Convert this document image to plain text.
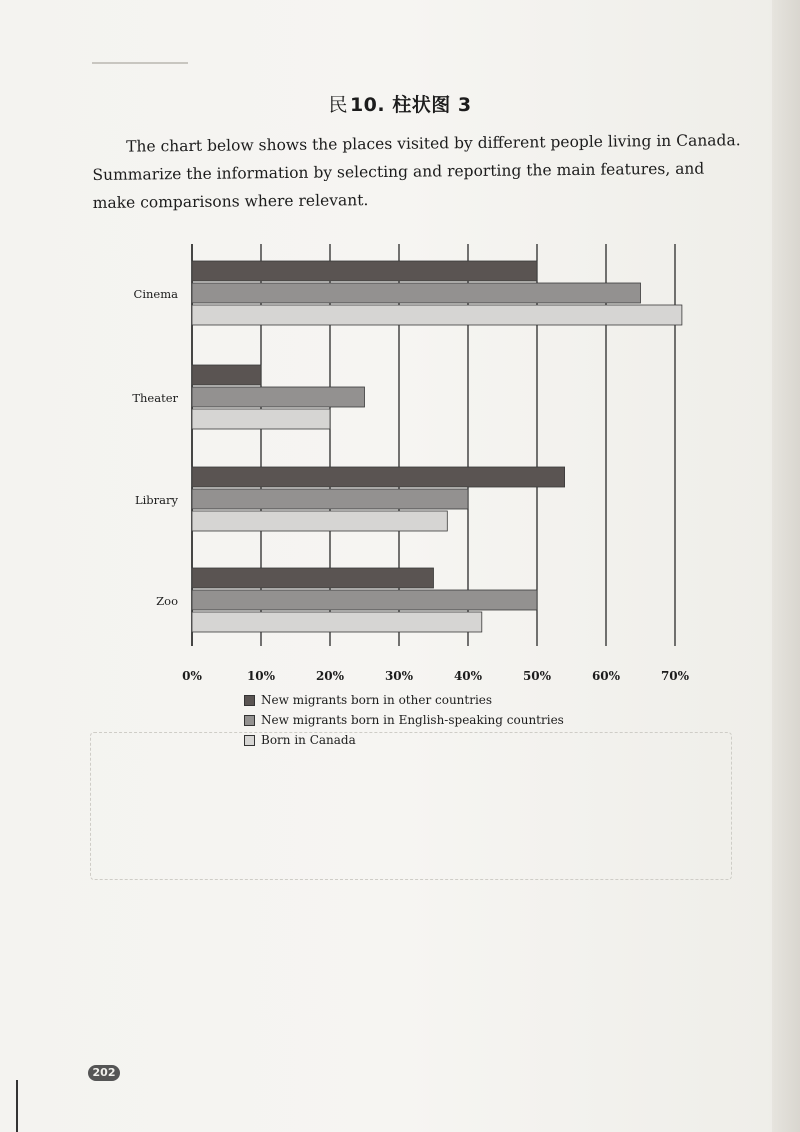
民 10. 柱状图 3
The chart below shows the places visited by different people living in Canada. Summarize the information by selecting and reporting the main features, and make comparisons where relevant.
Cinema
Theater
Library
Zoo
0%	10%	20%	30%	40%	50%	60%	70%
New migrants born in other countries
New migrants born in English-speaking countries
Born in Canada
202
